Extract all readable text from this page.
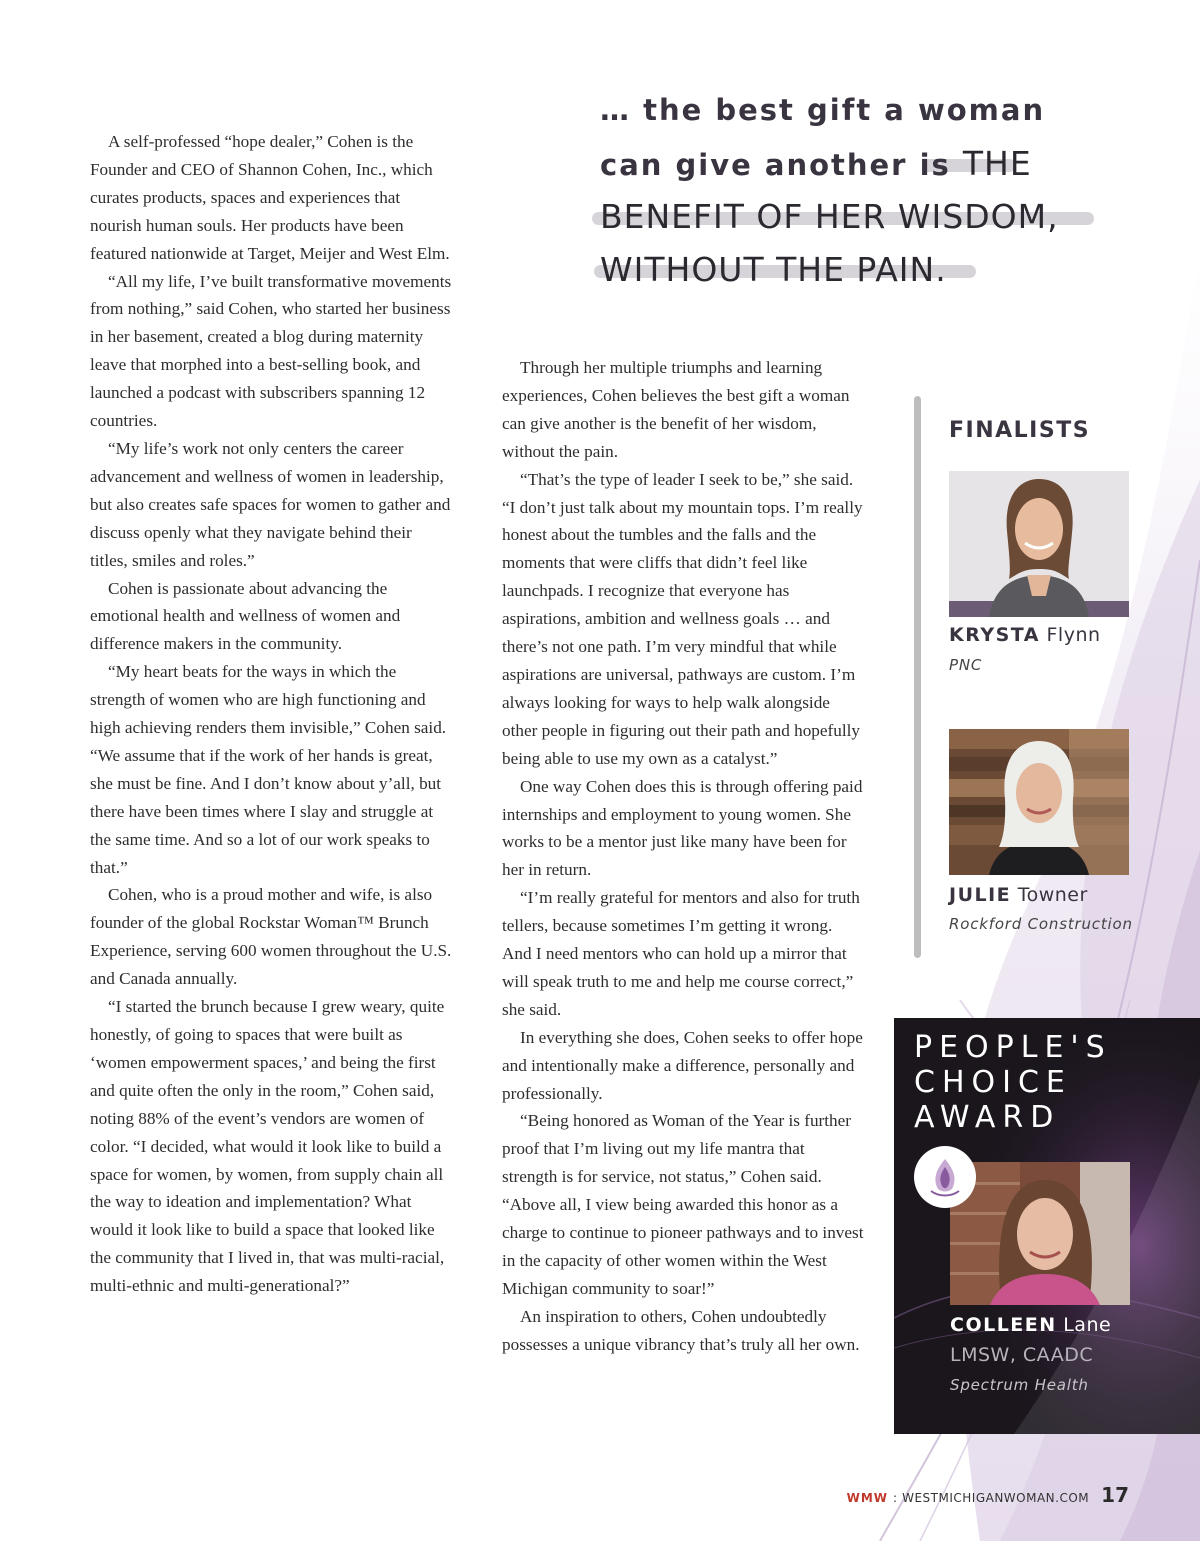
… the best gift a woman
can give another is THE
BENEFIT OF HER WISDOM,
WITHOUT THE PAIN.

A self-professed “hope dealer,” Cohen is the Founder and CEO of Shannon Cohen, Inc., which curates products, spaces and experiences that nourish human souls. Her products have been featured nationwide at Target, Meijer and West Elm.

“All my life, I’ve built transformative movements from nothing,” said Cohen, who started her business in her basement, created a blog during maternity leave that morphed into a best-selling book, and launched a podcast with subscribers spanning 12 countries.

“My life’s work not only centers the career advancement and wellness of women in leadership, but also creates safe spaces for women to gather and discuss openly what they navigate behind their titles, smiles and roles.”

Cohen is passionate about advancing the emotional health and wellness of women and difference makers in the community.

“My heart beats for the ways in which the strength of women who are high functioning and high achieving renders them invisible,” Cohen said. “We assume that if the work of her hands is great, she must be fine. And I don’t know about y’all, but there have been times where I slay and struggle at the same time. And so a lot of our work speaks to that.”

Cohen, who is a proud mother and wife, is also founder of the global Rockstar Woman™ Brunch Experience, serving 600 women throughout the U.S. and Canada annually.

“I started the brunch because I grew weary, quite honestly, of going to spaces that were built as ‘women empowerment spaces,’ and being the first and quite often the only in the room,” Cohen said, noting 88% of the event’s vendors are women of color. “I decided, what would it look like to build a space for women, by women, from supply chain all the way to ideation and implementation? What would it look like to build a space that looked like the community that I lived in, that was multi-racial, multi-ethnic and multi-generational?”

Through her multiple triumphs and learning experiences, Cohen believes the best gift a woman can give another is the benefit of her wisdom, without the pain.

“That’s the type of leader I seek to be,” she said. “I don’t just talk about my mountain tops. I’m really honest about the tumbles and the falls and the moments that were cliffs that didn’t feel like launchpads. I recognize that everyone has aspirations, ambition and wellness goals … and there’s not one path. I’m very mindful that while aspirations are universal, pathways are custom. I’m always looking for ways to help walk alongside other people in figuring out their path and hopefully being able to use my own as a catalyst.”

One way Cohen does this is through offering paid internships and employment to young women. She works to be a mentor just like many have been for her in return.

“I’m really grateful for mentors and also for truth tellers, because sometimes I’m getting it wrong. And I need mentors who can hold up a mirror that will speak truth to me and help me course correct,” she said.

In everything she does, Cohen seeks to offer hope and intentionally make a difference, personally and professionally.

“Being honored as Woman of the Year is further proof that I’m living out my life mantra that strength is for service, not status,” Cohen said. “Above all, I view being awarded this honor as a charge to continue to pioneer pathways and to invest in the capacity of other women within the West Michigan community to soar!”

An inspiration to others, Cohen undoubtedly possesses a unique vibrancy that’s truly all her own.

FINALISTS
KRYSTA Flynn
PNC
JULIE Towner
Rockford Construction
PEOPLE'S
CHOICE
AWARD
COLLEEN Lane
LMSW, CAADC
Spectrum Health
WMW : WESTMICHIGANWOMAN.COM 17
